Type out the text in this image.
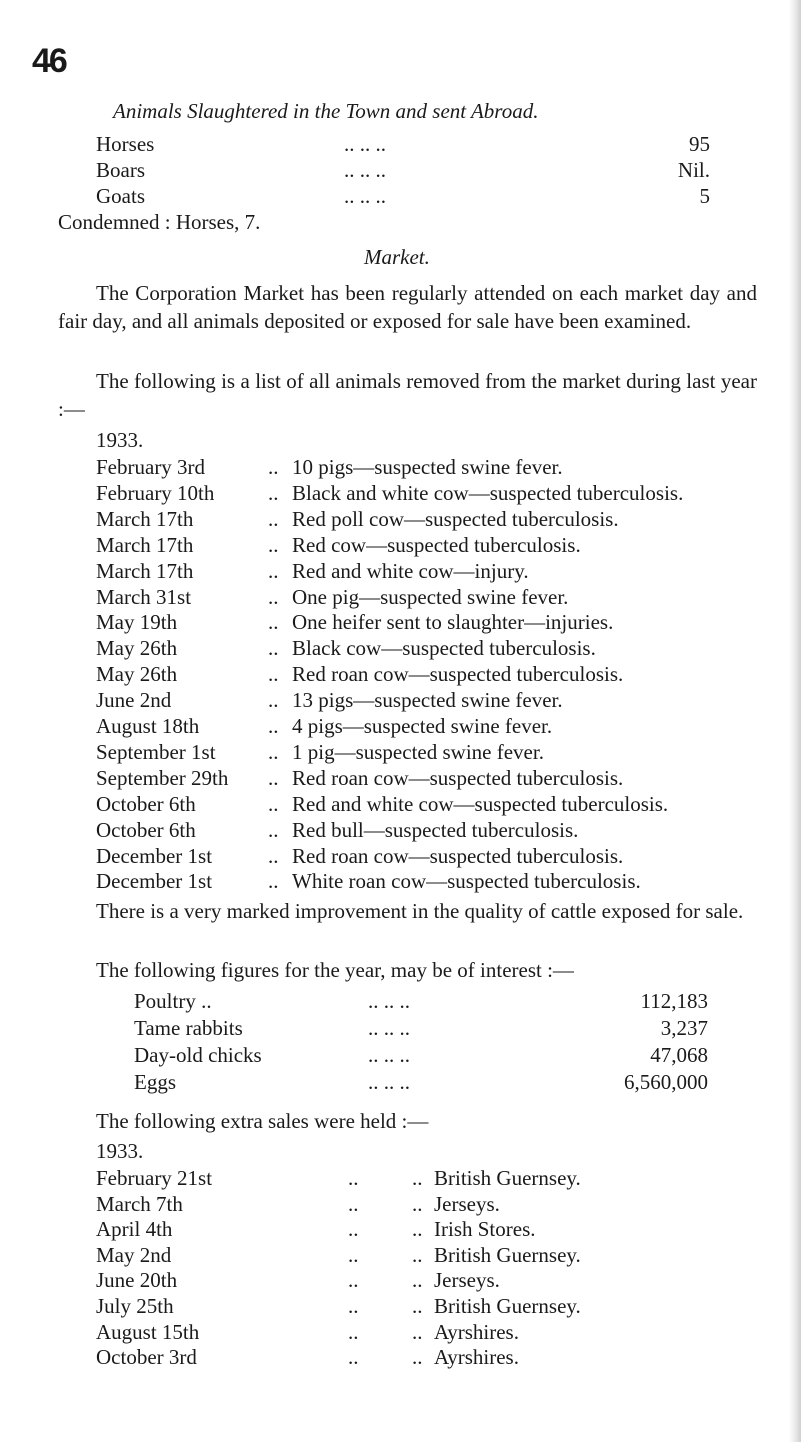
46
Animals Slaughtered in the Town and sent Abroad.
Horses	.. .. ..	95
Boars	.. .. ..	Nil.
Goats	.. .. ..	5
Condemned : Horses, 7.
Market.
The Corporation Market has been regularly attended on each market day and fair day, and all animals deposited or exposed for sale have been examined.
The following is a list of all animals removed from the market during last year :—
1933.
February 3rd	.. 10 pigs—suspected swine fever.
February 10th	.. Black and white cow—suspected tuberculosis.
March 17th	.. Red poll cow—suspected tuberculosis.
March 17th	.. Red cow—suspected tuberculosis.
March 17th	.. Red and white cow—injury.
March 31st	.. One pig—suspected swine fever.
May 19th	.. One heifer sent to slaughter—injuries.
May 26th	.. Black cow—suspected tuberculosis.
May 26th	.. Red roan cow—suspected tuberculosis.
June 2nd	.. 13 pigs—suspected swine fever.
August 18th	.. 4 pigs—suspected swine fever.
September 1st .. 1 pig—suspected swine fever.
September 29th .. Red roan cow—suspected tuberculosis.
October 6th	.. Red and white cow—suspected tuberculosis.
October 6th	.. Red bull—suspected tuberculosis.
December 1st	.. Red roan cow—suspected tuberculosis.
December 1st	.. White roan cow—suspected tuberculosis.
There is a very marked improvement in the quality of cattle exposed for sale.
The following figures for the year, may be of interest :—
Poultry ..	.. .. ..	112,183
Tame rabbits	.. .. ..	3,237
Day-old chicks	.. .. ..	47,068
Eggs	.. .. ..	6,560,000
The following extra sales were held :—
1933.
February 21st	..	.. British Guernsey.
March 7th	..	.. Jerseys.
April 4th	..	.. Irish Stores.
May 2nd	..	.. British Guernsey.
June 20th	..	.. Jerseys.
July 25th	..	.. British Guernsey.
August 15th	..	.. Ayrshires.
October 3rd	..	.. Ayrshires.
